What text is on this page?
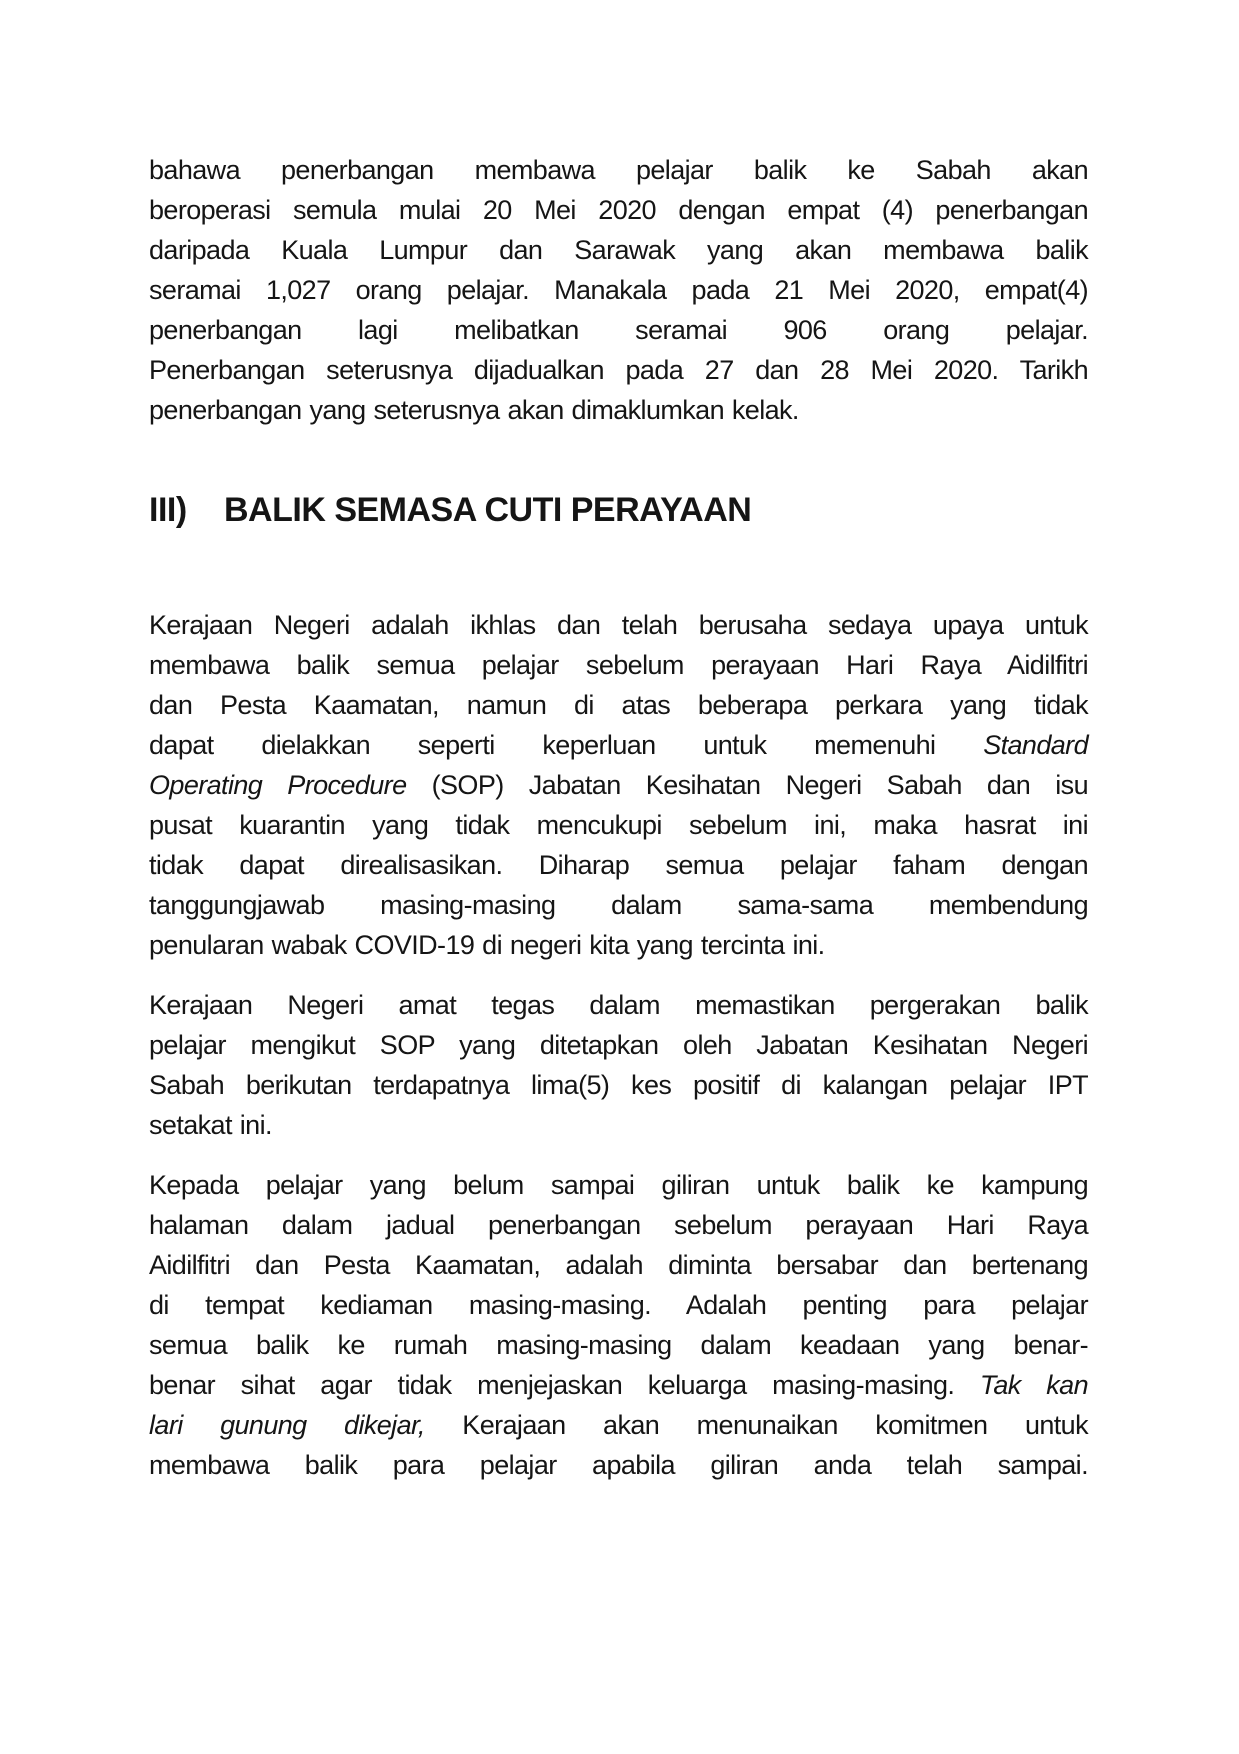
bahawa penerbangan membawa pelajar balik ke Sabah akan
beroperasi semula mulai 20 Mei 2020 dengan empat (4) penerbangan
daripada Kuala Lumpur dan Sarawak yang akan membawa balik
seramai 1,027 orang pelajar. Manakala pada 21 Mei 2020, empat(4)
penerbangan lagi melibatkan seramai 906 orang pelajar.
Penerbangan seterusnya dijadualkan pada 27 dan 28 Mei 2020. Tarikh
penerbangan yang seterusnya akan dimaklumkan kelak.
III) BALIK SEMASA CUTI PERAYAAN
Kerajaan Negeri adalah ikhlas dan telah berusaha sedaya upaya untuk
membawa balik semua pelajar sebelum perayaan Hari Raya Aidilfitri
dan Pesta Kaamatan, namun di atas beberapa perkara yang tidak
dapat dielakkan seperti keperluan untuk memenuhi Standard
Operating Procedure (SOP) Jabatan Kesihatan Negeri Sabah dan isu
pusat kuarantin yang tidak mencukupi sebelum ini, maka hasrat ini
tidak dapat direalisasikan. Diharap semua pelajar faham dengan
tanggungjawab masing-masing dalam sama-sama membendung
penularan wabak COVID-19 di negeri kita yang tercinta ini.
Kerajaan Negeri amat tegas dalam memastikan pergerakan balik
pelajar mengikut SOP yang ditetapkan oleh Jabatan Kesihatan Negeri
Sabah berikutan terdapatnya lima(5) kes positif di kalangan pelajar IPT
setakat ini.
Kepada pelajar yang belum sampai giliran untuk balik ke kampung
halaman dalam jadual penerbangan sebelum perayaan Hari Raya
Aidilfitri dan Pesta Kaamatan, adalah diminta bersabar dan bertenang
di tempat kediaman masing-masing. Adalah penting para pelajar
semua balik ke rumah masing-masing dalam keadaan yang benar-
benar sihat agar tidak menjejaskan keluarga masing-masing. Tak kan
lari gunung dikejar, Kerajaan akan menunaikan komitmen untuk
membawa balik para pelajar apabila giliran anda telah sampai.
